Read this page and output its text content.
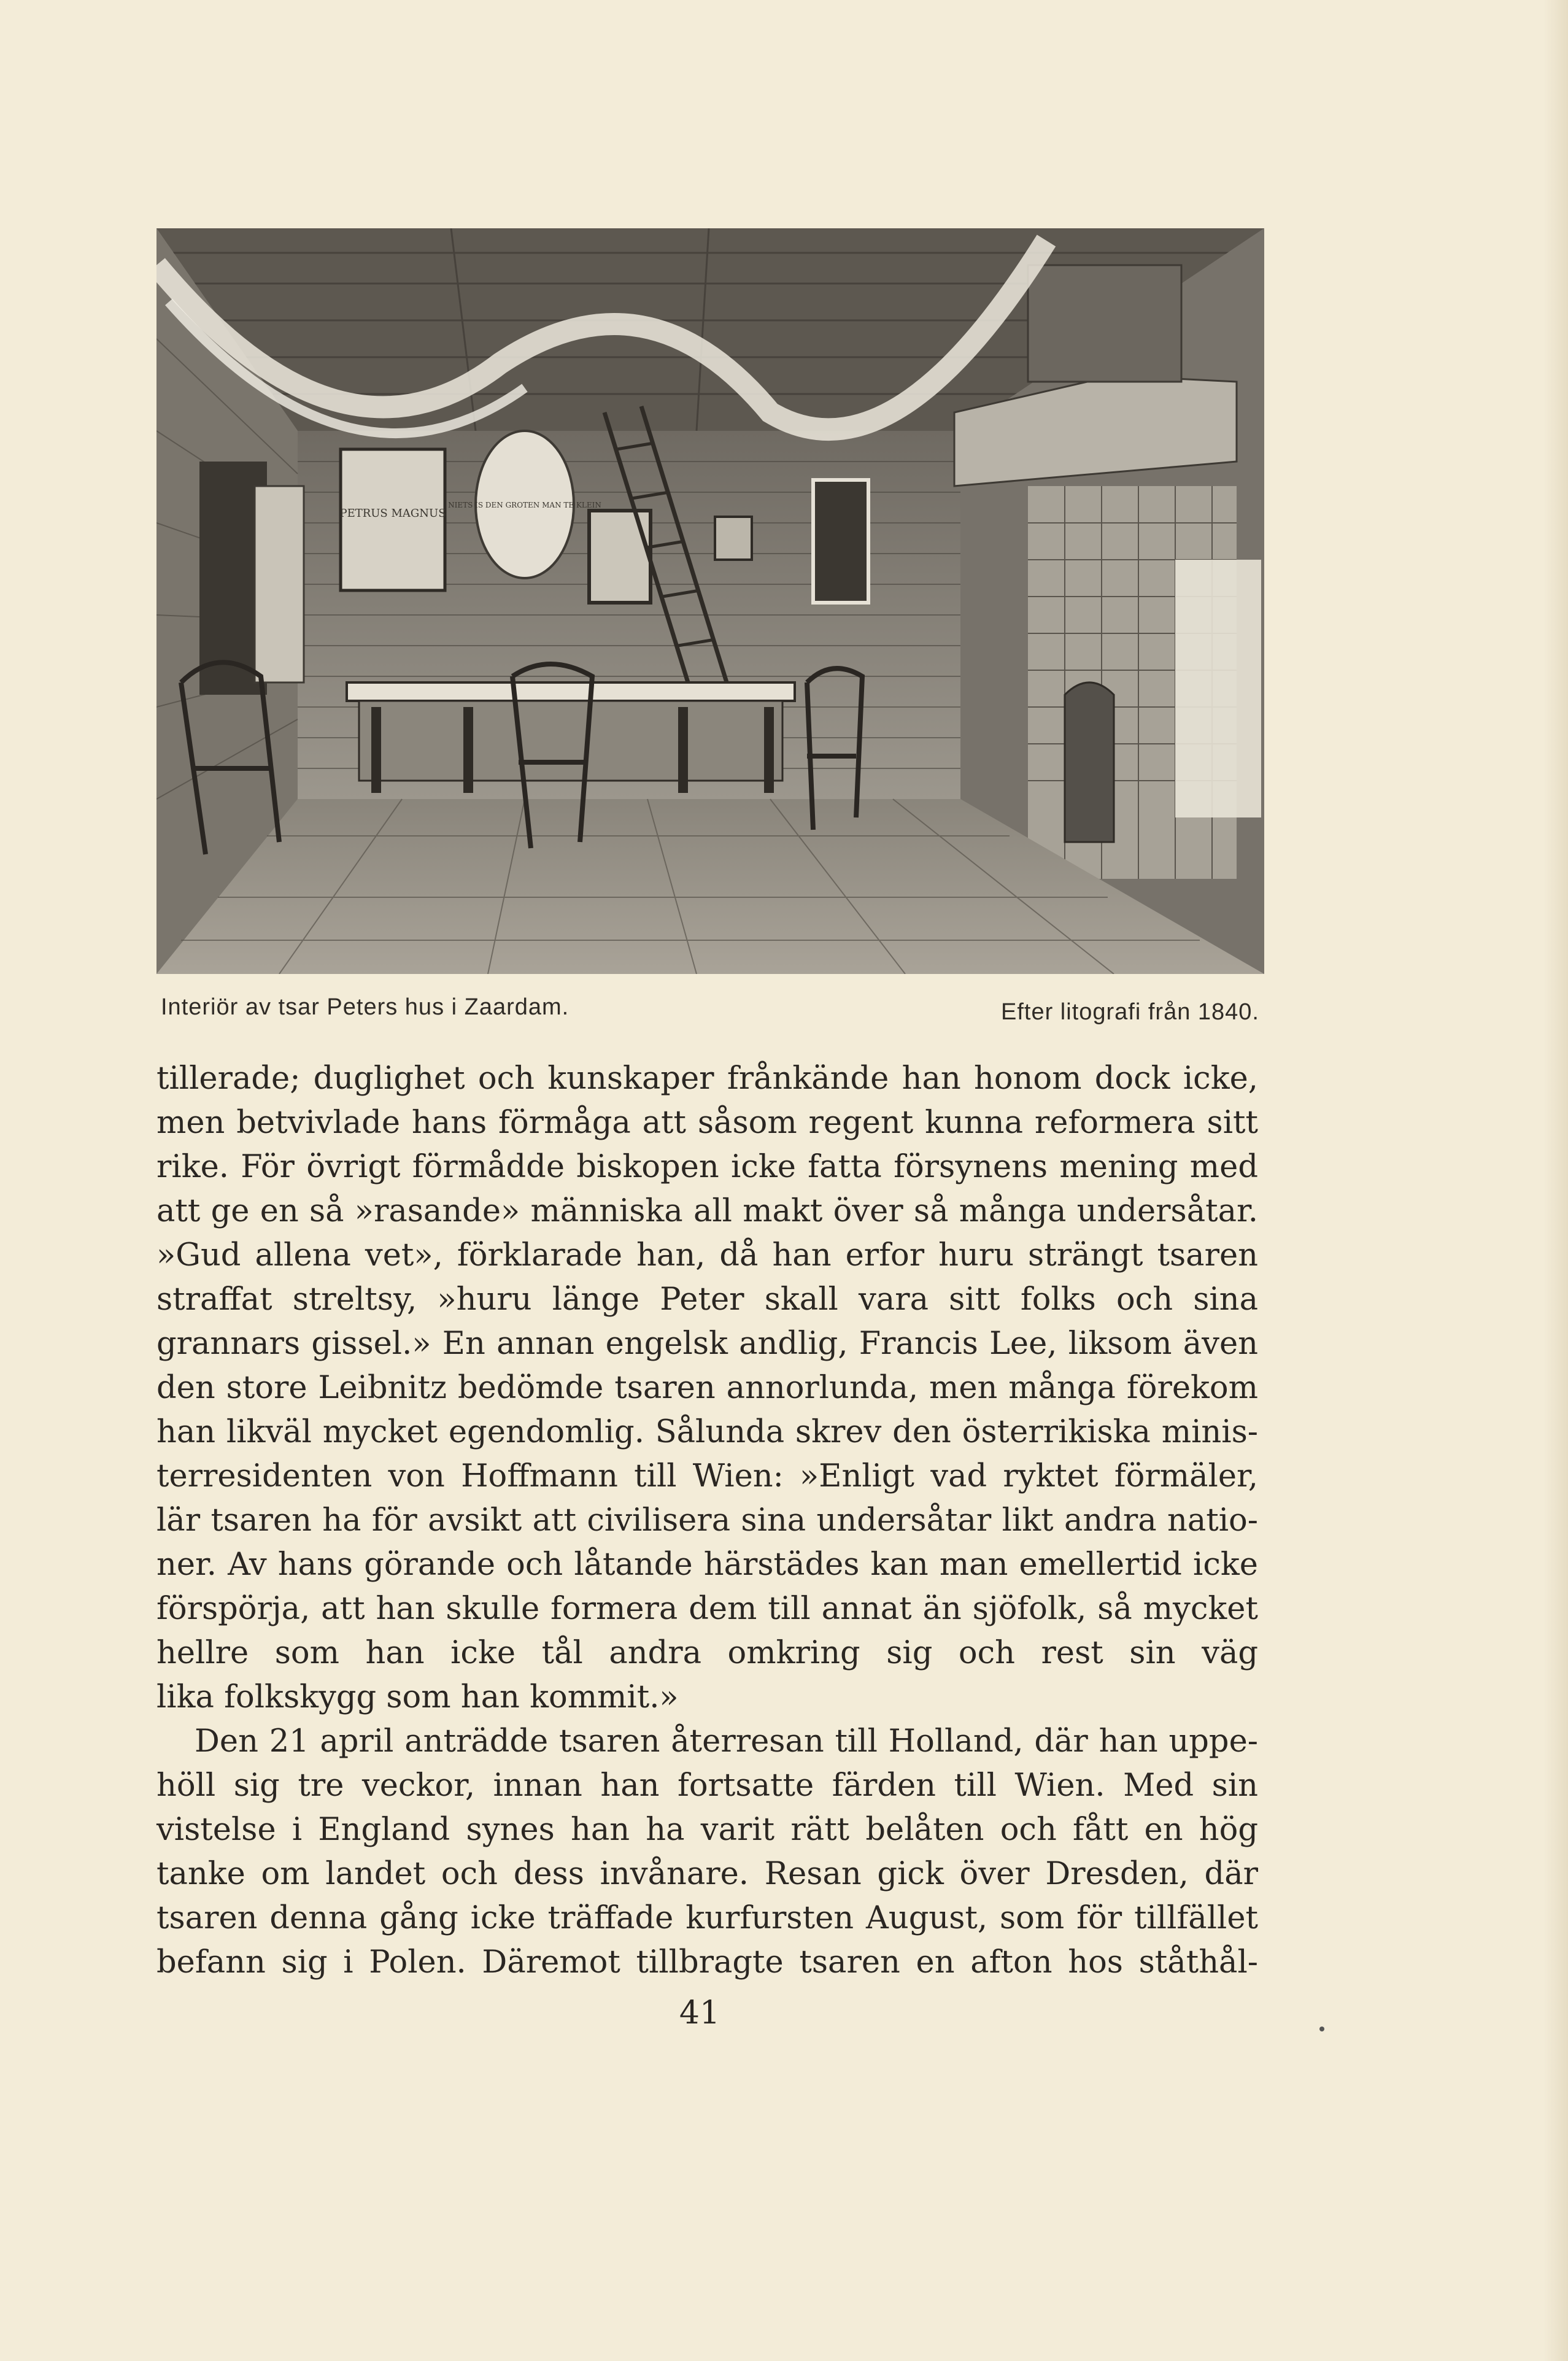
PETRUS MAGNUS
NIETS IS DEN GROTEN MAN TE KLEIN
Interiör av tsar Peters hus i Zaardam.	Efter litografi från 1840.

tillerade; duglighet och kunskaper frånkände han honom dock icke, men betvivlade hans förmåga att såsom regent kunna reformera sitt rike. För övrigt förmådde biskopen icke fatta försynens mening med att ge en så »rasande» människa all makt över så många undersåtar. »Gud allena vet», förklarade han, då han erfor huru strängt tsaren straffat streltsy, »huru länge Peter skall vara sitt folks och sina grannars gissel.» En annan engelsk andlig, Francis Lee, liksom även den store Leibnitz bedömde tsaren annorlunda, men många förekom han likväl mycket egendomlig. Sålunda skrev den österrikiska minis- terresidenten von Hoffmann till Wien: »Enligt vad ryktet förmäler, lär tsaren ha för avsikt att civilisera sina undersåtar likt andra natio- ner. Av hans görande och låtande härstädes kan man emellertid icke förspörja, att han skulle formera dem till annat än sjöfolk, så mycket hellre som han icke tål andra omkring sig och rest sin väg

lika folkskygg som han kommit.»

Den 21 april anträdde tsaren återresan till Holland, där han uppe- höll sig tre veckor, innan han fortsatte färden till Wien. Med sin vistelse i England synes han ha varit rätt belåten och fått en hög tanke om landet och dess invånare. Resan gick över Dresden, där tsaren denna gång icke träffade kurfursten August, som för tillfället befann sig i Polen. Däremot tillbragte tsaren en afton hos ståthål-

41
